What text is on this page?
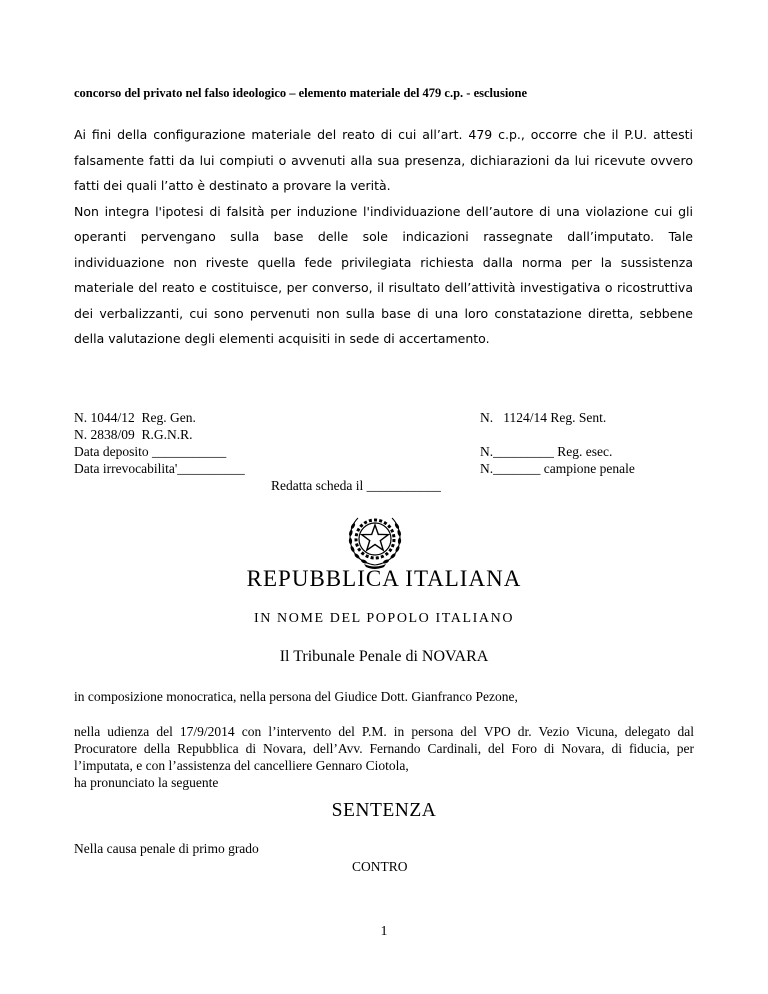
concorso del privato nel falso ideologico – elemento materiale del 479 c.p. - esclusione

Ai fini della configurazione materiale del reato di cui all’art. 479 c.p., occorre che il P.U. attesti falsamente fatti da lui compiuti o avvenuti alla sua presenza, dichiarazioni da lui ricevute ovvero fatti dei quali l’atto è destinato a provare la verità.

Non integra l'ipotesi di falsità per induzione l'individuazione dell’autore di una violazione cui gli operanti pervengano sulla base delle sole indicazioni rassegnate dall’imputato. Tale individuazione non riveste quella fede privilegiata richiesta dalla norma per la sussistenza materiale del reato e costituisce, per converso, il risultato dell’attività investigativa o ricostruttiva dei verbalizzanti, cui sono pervenuti non sulla base di una loro constatazione diretta, sebbene della valutazione degli elementi acquisiti in sede di accertamento.

N. 1044/12  Reg. Gen.
N. 2838/09  R.G.N.R.
Data deposito ___________
Data irrevocabilita'__________
N.   1124/14 Reg. Sent.
N._________ Reg. esec.
N._______ campione penale
Redatta scheda il ___________
REPUBBLICA ITALIANA
IN NOME DEL POPOLO ITALIANO
Il Tribunale Penale di NOVARA
in composizione monocratica, nella persona del Giudice Dott. Gianfranco Pezone,
nella udienza del 17/9/2014 con l’intervento del P.M. in persona del VPO dr. Vezio Vicuna, delegato dal Procuratore della Repubblica di Novara, dell’Avv. Fernando Cardinali, del Foro di Novara, di fiducia, per l’imputata, e con l’assistenza del cancelliere Gennaro Ciotola,
ha pronunciato la seguente
SENTENZA
Nella causa penale di primo grado
CONTRO
1
